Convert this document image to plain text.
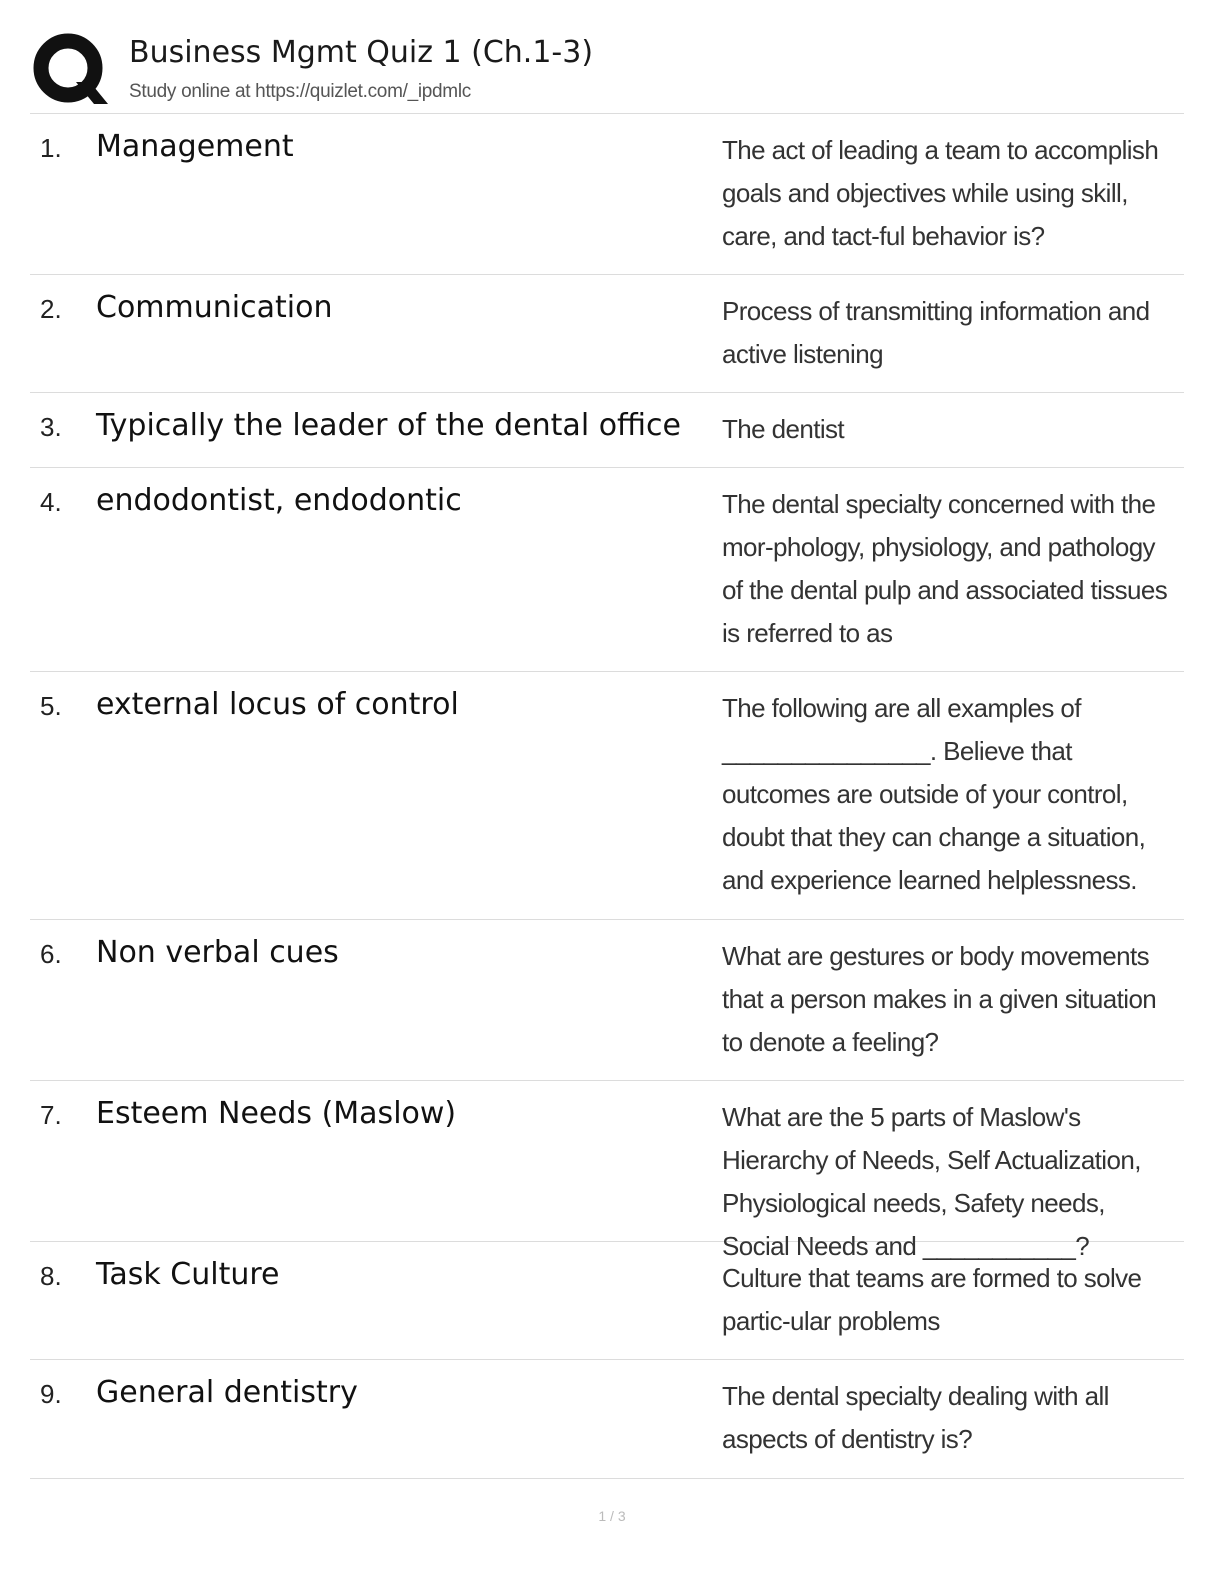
Business Mgmt Quiz 1 (Ch.1-3)
Study online at https://quizlet.com/_ipdmlc
1. Management	The act of leading a team to accomplish goals and objectives while using skill, care, and tact-ful behavior is?
2. Communication	Process of transmitting information and active listening
3. Typically the leader of the dental office	The dentist
4. endodontist, endodontic	The dental specialty concerned with the mor-phology, physiology, and pathology of the dental pulp and associated tissues is referred to as
5. external locus of control	The following are all examples of _______________. Believe that outcomes are outside of your control, doubt that they can change a situation, and experience learned helplessness.
6. Non verbal cues	What are gestures or body movements that a person makes in a given situation to denote a feeling?
7. Esteem Needs (Maslow)	What are the 5 parts of Maslow's Hierarchy of Needs, Self Actualization, Physiological needs, Safety needs, Social Needs and ___________?
8. Task Culture	Culture that teams are formed to solve partic-ular problems
9. General dentistry	The dental specialty dealing with all aspects of dentistry is?
1 / 3
